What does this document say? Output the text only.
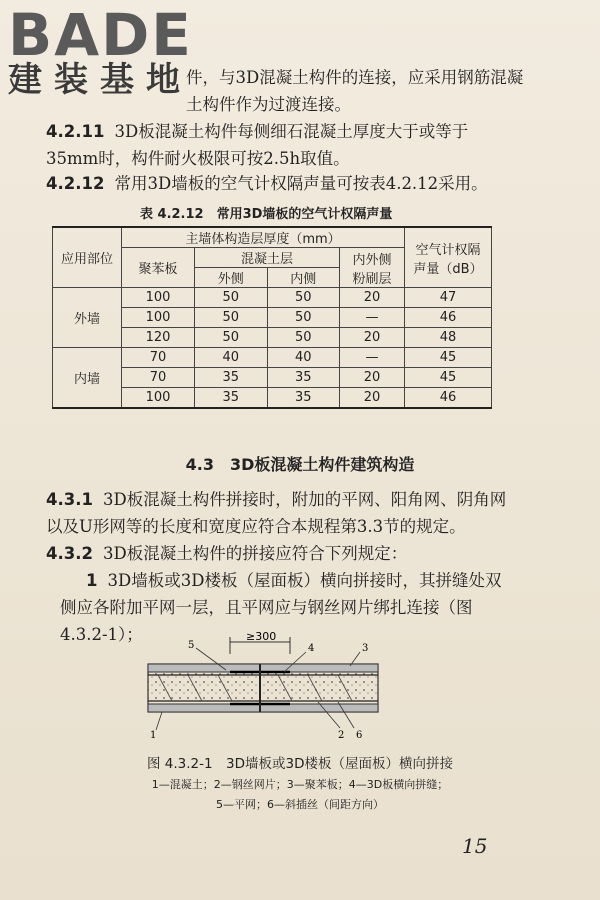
BADE
建装基地
件，与3D混凝土构件的连接，应采用钢筋混凝土构件作为过渡连接。
4.2.11 3D板混凝土构件每侧细石混凝土厚度大于或等于
35mm时，构件耐火极限可按2.5h取值。
4.2.12 常用3D墙板的空气计权隔声量可按表4.2.12采用。
表 4.2.12　常用3D墙板的空气计权隔声量
应用部位	主墙体构造层厚度（mm）				空气计权隔
声量（dB）
	聚苯板	混凝土层		内外侧
粉刷层	
		外侧	内侧		
外墙	100	50	50	20	47
	100	50	50	—	46
	120	50	50	20	48
内墙	70	40	40	—	45
	70	35	35	20	45
	100	35	35	20	46
4.3　3D板混凝土构件建筑构造
4.3.1 3D板混凝土构件拼接时，附加的平网、阳角网、阴角网
以及U形网等的长度和宽度应符合本规程第3.3节的规定。
4.3.2 3D板混凝土构件的拼接应符合下列规定：
1 3D墙板或3D楼板（屋面板）横向拼接时，其拼缝处双
侧应各附加平网一层，且平网应与钢丝网片绑扎连接（图
4.3.2-1）；	≥300
5	4	3
1	2 6
图 4.3.2-1　3D墙板或3D楼板（屋面板）横向拼接
1—混凝土；2—钢丝网片；3—聚苯板；4—3D板横向拼缝；
5—平网；6—斜插丝（间距方向）
15
